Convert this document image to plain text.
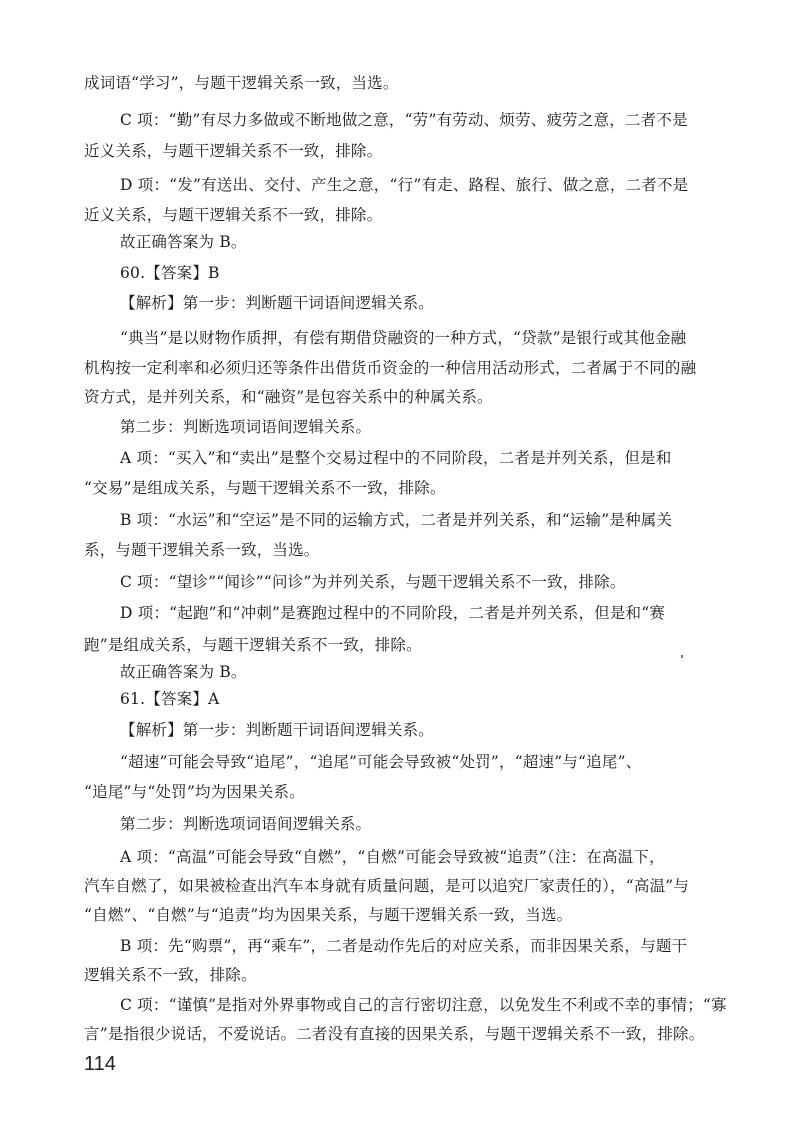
成词语“学习”，与题干逻辑关系一致，当选。
C 项：“勤”有尽力多做或不断地做之意，“劳”有劳动、烦劳、疲劳之意，二者不是
近义关系，与题干逻辑关系不一致，排除。
D 项：“发”有送出、交付、产生之意，“行”有走、路程、旅行、做之意，二者不是
近义关系，与题干逻辑关系不一致，排除。
故正确答案为 B。
60.【答案】B
【解析】第一步：判断题干词语间逻辑关系。
“典当”是以财物作质押，有偿有期借贷融资的一种方式，“贷款”是银行或其他金融
机构按一定利率和必须归还等条件出借货币资金的一种信用活动形式，二者属于不同的融
资方式，是并列关系，和“融资”是包容关系中的种属关系。
第二步：判断选项词语间逻辑关系。
A 项：“买入”和“卖出”是整个交易过程中的不同阶段，二者是并列关系，但是和
“交易”是组成关系，与题干逻辑关系不一致，排除。
B 项：“水运”和“空运”是不同的运输方式，二者是并列关系，和“运输”是种属关
系，与题干逻辑关系一致，当选。
C 项：“望诊”“闻诊”“问诊”为并列关系，与题干逻辑关系不一致，排除。
D 项：“起跑”和“冲刺”是赛跑过程中的不同阶段，二者是并列关系，但是和“赛
跑”是组成关系，与题干逻辑关系不一致，排除。
故正确答案为 B。
61.【答案】A
【解析】第一步：判断题干词语间逻辑关系。
“超速”可能会导致“追尾”，“追尾”可能会导致被“处罚”，“超速”与“追尾”、
“追尾”与“处罚”均为因果关系。
第二步：判断选项词语间逻辑关系。
A 项：“高温”可能会导致“自燃”，“自燃”可能会导致被“追责”（注：在高温下，
汽车自燃了，如果被检查出汽车本身就有质量问题，是可以追究厂家责任的），“高温”与
“自燃”、“自燃”与“追责”均为因果关系，与题干逻辑关系一致，当选。
B 项：先“购票”，再“乘车”，二者是动作先后的对应关系，而非因果关系，与题干
逻辑关系不一致，排除。
C 项：“谨慎”是指对外界事物或自己的言行密切注意，以免发生不利或不幸的事情；“寡
言”是指很少说话，不爱说话。二者没有直接的因果关系，与题干逻辑关系不一致，排除。
114
